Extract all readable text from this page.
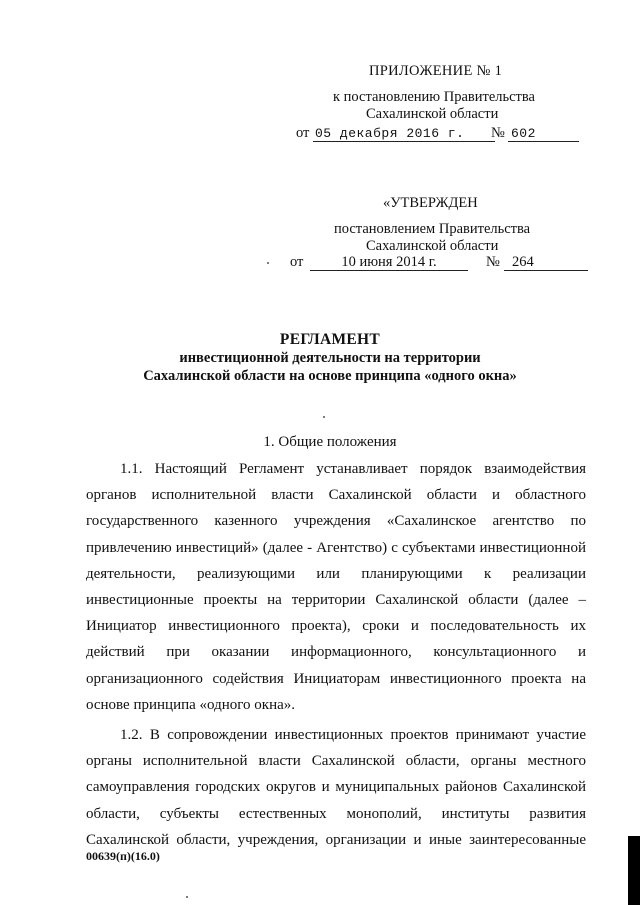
ПРИЛОЖЕНИЕ № 1
к постановлению Правительства
Сахалинской области
от 05 декабря 2016 г.	№ 602
«УТВЕРЖДЕН
постановлением Правительства
Сахалинской области
от	10 июня 2014 г.	№ 264
РЕГЛАМЕНТ
инвестиционной деятельности на территории
Сахалинской области на основе принципа «одного окна»
1. Общие положения

1.1. Настоящий Регламент устанавливает порядок взаимодействия

органов исполнительной власти Сахалинской области и областного

государственного казенного учреждения «Сахалинское агентство по

привлечению инвестиций» (далее - Агентство) с субъектами инвестиционной

деятельности, реализующими или планирующими к реализации

инвестиционные проекты на территории Сахалинской области (далее –

Инициатор инвестиционного проекта), сроки и последовательность их

действий при оказании информационного, консультационного и

организационного содействия Инициаторам инвестиционного проекта на

основе принципа «одного окна».

1.2. В сопровождении инвестиционных проектов принимают участие

органы исполнительной власти Сахалинской области, органы местного

самоуправления городских округов и муниципальных районов Сахалинской

области, субъекты естественных монополий, институты развития

Сахалинской области, учреждения, организации и иные заинтересованные

00639(п)(16.0)
